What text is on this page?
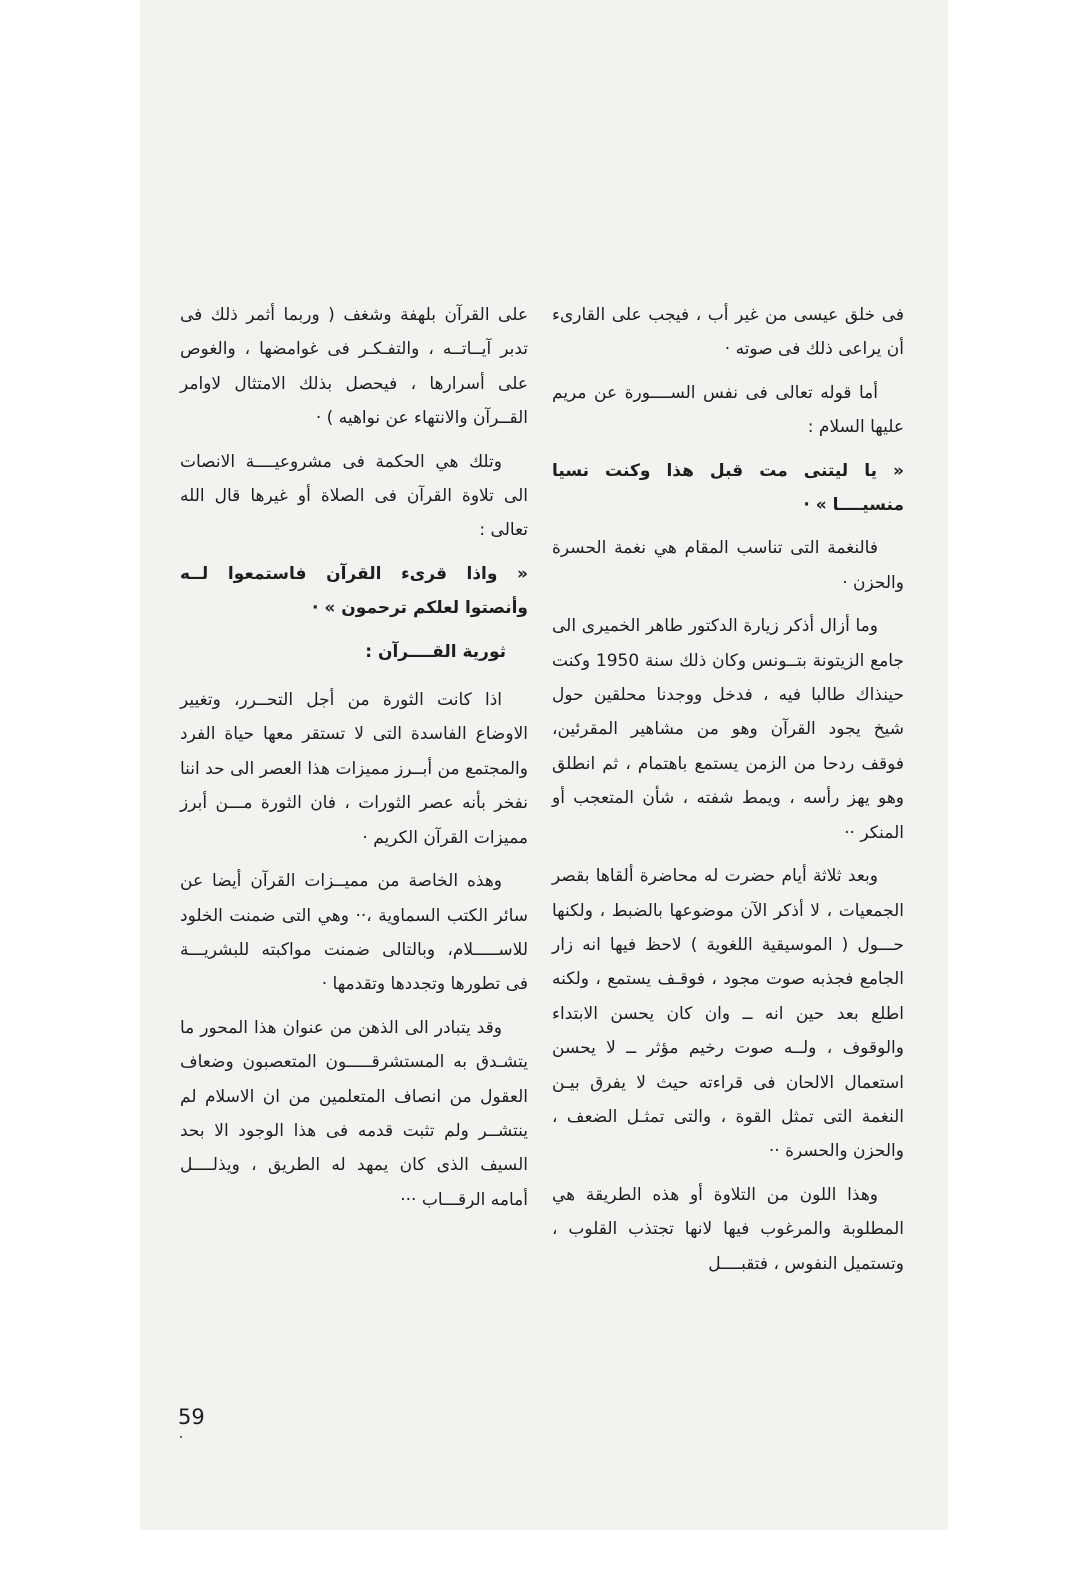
فى خلق عيسى من غير أب ، فيجب على القارىء أن يراعى ذلك فى صوته ·

أما قوله تعالى فى نفس الســــورة عن مريم عليها السلام :

« يا ليتنى مت قبل هذا وكنت نسيا منسيــــا » ·

فالنغمة التى تناسب المقام هي نغمة الحسرة والحزن ·

وما أزال أذكر زيارة الدكتور طاهر الخميرى الى جامع الزيتونة بتــونس وكان ذلك سنة 1950 وكنت حينذاك طالبا فيه ، فدخل ووجدنا محلقين حول شيخ يجود القرآن وهو من مشاهير المقرئين، فوقف ردحا من الزمن يستمع باهتمام ، ثم انطلق وهو يهز رأسه ، ويمط شفته ، شأن المتعجب أو المنكر ··

وبعد ثلاثة أيام حضرت له محاضرة ألقاها بقصر الجمعيات ، لا أذكر الآن موضوعها بالضبط ، ولكنها حـــول ( الموسيقية اللغوية ) لاحظ فيها انه زار الجامع فجذبه صوت مجود ، فوقـف يستمع ، ولكنه اطلع بعد حين انه ــ وان كان يحسن الابتداء والوقوف ، ولــه صوت رخيم مؤثر ــ لا يحسن استعمال الالحان فى قراءته حيث لا يفرق بيـن النغمة التى تمثل القوة ، والتى تمثـل الضعف ، والحزن والحسرة ··

وهذا اللون من التلاوة أو هذه الطريقة هي المطلوبة والمرغوب فيها لانها تجتذب القلوب ، وتستميل النفوس ، فتقبــــل

على القرآن بلهفة وشغف ( وربما أثمر ذلك فى تدبر آيــاتــه ، والتفـكـر فى غوامضها ، والغوص على أسرارها ، فيحصل بذلك الامتثال لاوامر القــرآن والانتهاء عن نواهيه ) ·

وتلك هي الحكمة فى مشروعيــــة الانصات الى تلاوة القرآن فى الصلاة أو غيرها قال الله تعالى :

« واذا قرىء القرآن فاستمعوا لــه وأنصتوا لعلكم ترحمون » ·

ثورية القــــرآن :

اذا كانت الثورة من أجل التحــرر، وتغيير الاوضاع الفاسدة التى لا تستقر معها حياة الفرد والمجتمع من أبــرز مميزات هذا العصر الى حد اننا نفخر بأنه عصر الثورات ، فان الثورة مـــن أبرز مميزات القرآن الكريم ·

وهذه الخاصة من مميــزات القرآن أيضا عن سائر الكتب السماوية ،·· وهي التى ضمنت الخلود للاســـــلام، وبالتالى ضمنت مواكبته للبشريـــة فى تطورها وتجددها وتقدمها ·

وقد يتبادر الى الذهن من عنوان هذا المحور ما يتشـدق به المستشرقـــــون المتعصبون وضعاف العقول من انصاف المتعلمين من ان الاسلام لم ينتشــر ولم تثبت قدمه فى هذا الوجود الا بحد السيف الذى كان يمهد له الطريق ، ويذلــــل أمامه الرقـــاب ···

59
